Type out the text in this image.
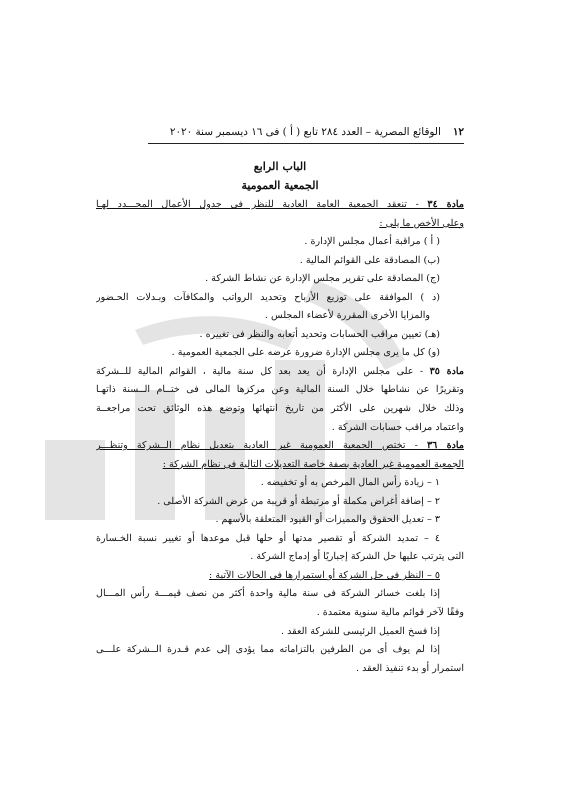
١٢
الوقائع المصرية – العدد ٢٨٤ تابع ( أ ) فى ١٦ ديسمبر سنة ٢٠٢٠
الباب الرابع
الجمعية العمومية

مادة ٣٤ - تنعقد الجمعية العامة العادية للنظر فى جدول الأعمال المحـــدد لهـا

وعلى الأخص ما يلى :

( أ ) مراقبة أعمال مجلس الإدارة .

(ب) المصادقة على القوائم المالية .

(ج) المصادقة على تقرير مجلس الإدارة عن نشاط الشركة .

(د ) الموافقة على توزيع الأرباح وتحديد الرواتب والمكافآت وبـدلات الحـضور

والمزايا الأخرى المقررة لأعضاء المجلس .

(هـ) تعيين مراقب الحسابات وتحديد أتعابه والنظر فى تغييره .

(و) كل ما يرى مجلس الإدارة ضرورة عرضه على الجمعية العمومية .

مادة ٣٥ - على مجلس الإدارة أن يعد بعد كل سنة مالية ، القوائم المالية للــشركة

وتقريرًا عن نشاطها خلال السنة المالية وعن مركزها المالى فى ختــام الــسنة ذاتهـا

وذلك خلال شهرين على الأكثر من تاريخ انتهائها وتوضع هذه الوثائق تحت مراجعــة

واعتماد مراقب حسابات الشركة .

مادة ٣٦ - تختص الجمعية العمومية غير العادية بتعديل نظام الــشركة وتنظـــر

الجمعية العمومية غير العادية بصفة خاصة التعديلات التالية فى نظام الشركة :

١ – زيادة رأس المال المرخص به أو تخفيضه .

٢ – إضافة أغراض مكملة أو مرتبطة أو قريبة من غرض الشركة الأصلى .

٣ – تعديل الحقوق والمميزات أو القيود المتعلقة بالأسهم .

٤ – تمديد الشركة أو تقصير مدتها أو حلها قبل موعدها أو تغيير نسبة الخـسارة

التى يترتب عليها حل الشركة إجباريًا أو إدماج الشركة .

٥ – النظر فى حل الشركة أو استمرارها فى الحالات الآتية :

إذا بلغت خسائر الشركة فى سنة مالية واحدة أكثر من نصف قيمـــة رأس المـــال

وفقًا لآخر قوائم مالية سنوية معتمدة .

إذا فسخ العميل الرئيسى للشركة العقد .

إذا لم يوف أى من الطرفين بالتزاماته مما يؤدى إلى عدم قـدرة الــشركة علـــى

استمرار أو بدء تنفيذ العقد .
